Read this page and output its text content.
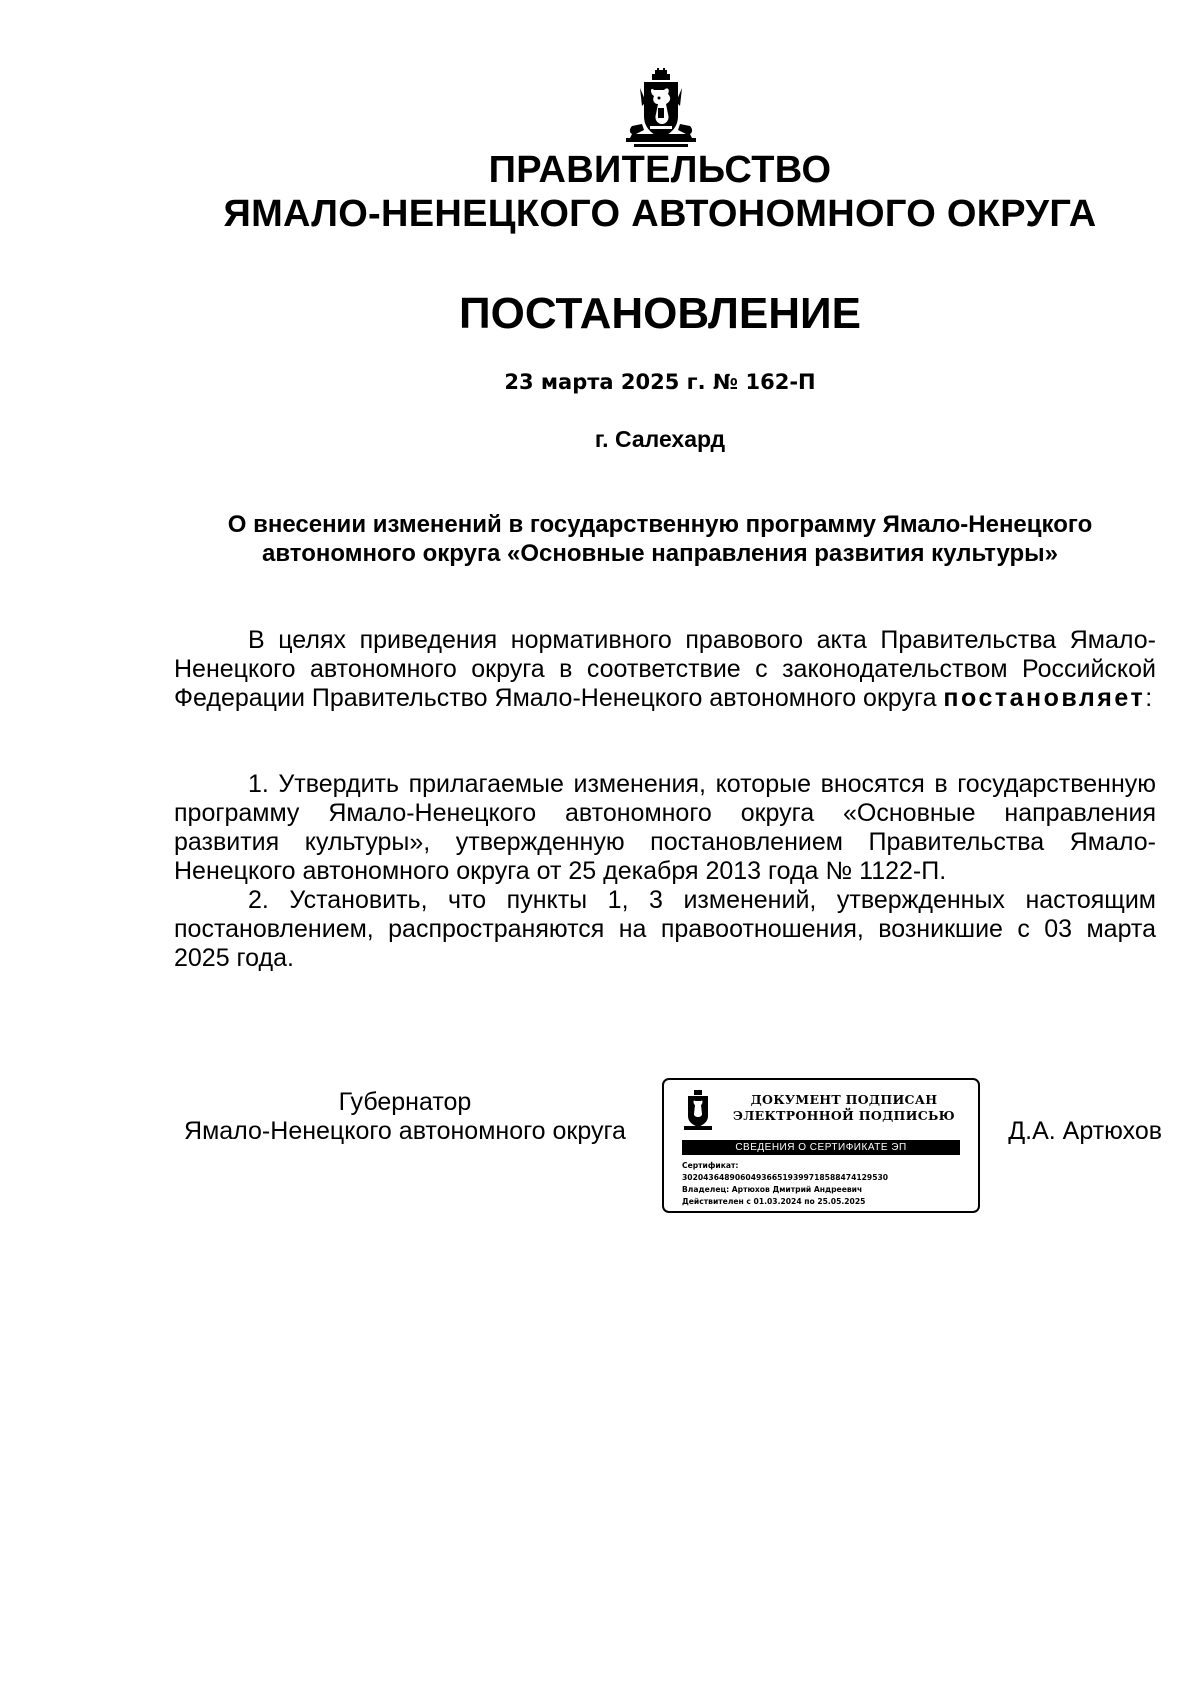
ПРАВИТЕЛЬСТВО
ЯМАЛО-НЕНЕЦКОГО АВТОНОМНОГО ОКРУГА
ПОСТАНОВЛЕНИЕ
23 марта 2025 г. № 162-П
г. Салехард
О внесении изменений в государственную программу Ямало-Ненецкого автономного округа «Основные направления развития культуры»

В целях приведения нормативного правового акта Правительства Ямало-Ненецкого автономного округа в соответствие с законодательством Российской Федерации Правительство Ямало-Ненецкого автономного округа постановляет:

1. Утвердить прилагаемые изменения, которые вносятся в государственную программу Ямало-Ненецкого автономного округа «Основные направления развития культуры», утвержденную постановлением Правительства Ямало-Ненецкого автономного округа от 25 декабря 2013 года № 1122-П.

2. Установить, что пункты 1, 3 изменений, утвержденных настоящим постановлением, распространяются на правоотношения, возникшие с 03 марта 2025 года.

Губернатор
Ямало-Ненецкого автономного округа
ДОКУМЕНТ ПОДПИСАН
ЭЛЕКТРОННОЙ ПОДПИСЬЮ
СВЕДЕНИЯ О СЕРТИФИКАТЕ ЭП
Сертификат:
302043648906049366519399718588474129530
Владелец: Артюхов Дмитрий Андреевич
Действителен с 01.03.2024 по 25.05.2025
Д.А. Артюхов
